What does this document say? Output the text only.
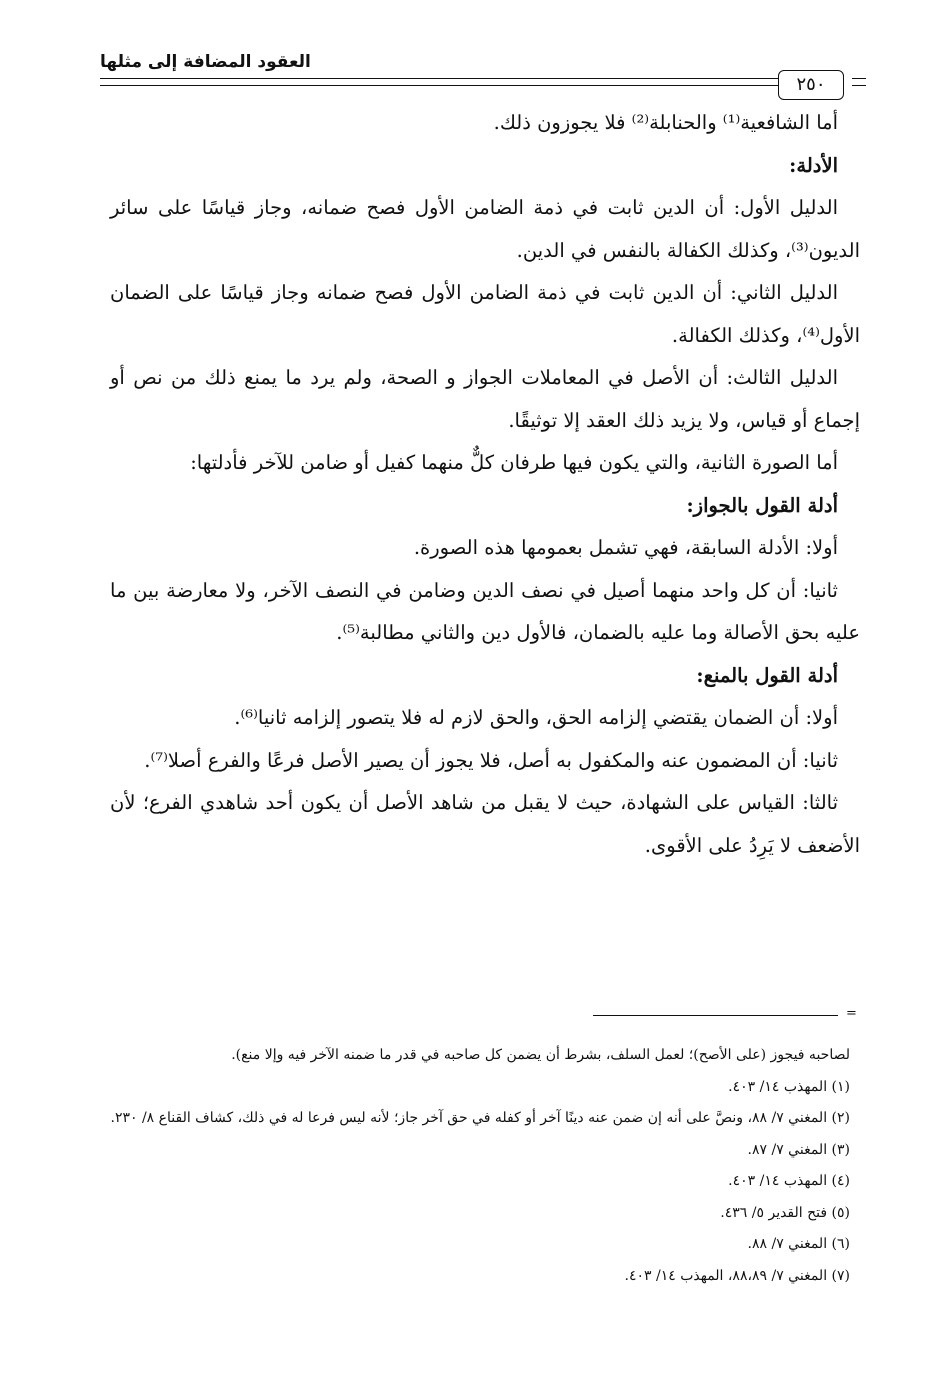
العقود المضافة إلى مثلها
٢٥٠

أما الشافعية⁽¹⁾ والحنابلة⁽²⁾ فلا يجوزون ذلك.

الأدلة:

الدليل الأول: أن الدين ثابت في ذمة الضامن الأول فصح ضمانه، وجاز قياسًا على سائر الديون⁽³⁾، وكذلك الكفالة بالنفس في الدين.

الدليل الثاني: أن الدين ثابت في ذمة الضامن الأول فصح ضمانه وجاز قياسًا على الضمان الأول⁽⁴⁾، وكذلك الكفالة.

الدليل الثالث: أن الأصل في المعاملات الجواز و الصحة، ولم يرد ما يمنع ذلك من نص أو إجماع أو قياس، ولا يزيد ذلك العقد إلا توثيقًا.

أما الصورة الثانية، والتي يكون فيها طرفان كلٌّ منهما كفيل أو ضامن للآخر فأدلتها:

أدلة القول بالجواز:

أولا: الأدلة السابقة، فهي تشمل بعمومها هذه الصورة.

ثانيا: أن كل واحد منهما أصيل في نصف الدين وضامن في النصف الآخر، ولا معارضة بين ما عليه بحق الأصالة وما عليه بالضمان، فالأول دين والثاني مطالبة⁽⁵⁾.

أدلة القول بالمنع:

أولا: أن الضمان يقتضي إلزامه الحق، والحق لازم له فلا يتصور إلزامه ثانيا⁽⁶⁾.

ثانيا: أن المضمون عنه والمكفول به أصل، فلا يجوز أن يصير الأصل فرعًا والفرع أصلا⁽⁷⁾.

ثالثا: القياس على الشهادة، حيث لا يقبل من شاهد الأصل أن يكون أحد شاهدي الفرع؛ لأن الأضعف لا يَرِدُ على الأقوى.

=

لصاحبه فيجوز (على الأصح)؛ لعمل السلف، بشرط أن يضمن كل صاحبه في قدر ما ضمنه الآخر فيه وإلا منع).

(١) المهذب ١٤/ ٤٠٣.

(٢) المغني ٧/ ٨٨، ونصَّ على أنه إن ضمن عنه دينًا آخر أو كفله في حق آخر جاز؛ لأنه ليس فرعا له في ذلك، كشاف القناع ٨/ ٢٣٠.

(٣) المغني ٧/ ٨٧.

(٤) المهذب ١٤/ ٤٠٣.

(٥) فتح القدير ٥/ ٤٣٦.

(٦) المغني ٧/ ٨٨.

(٧) المغني ٧/ ٨٨،٨٩، المهذب ١٤/ ٤٠٣.
